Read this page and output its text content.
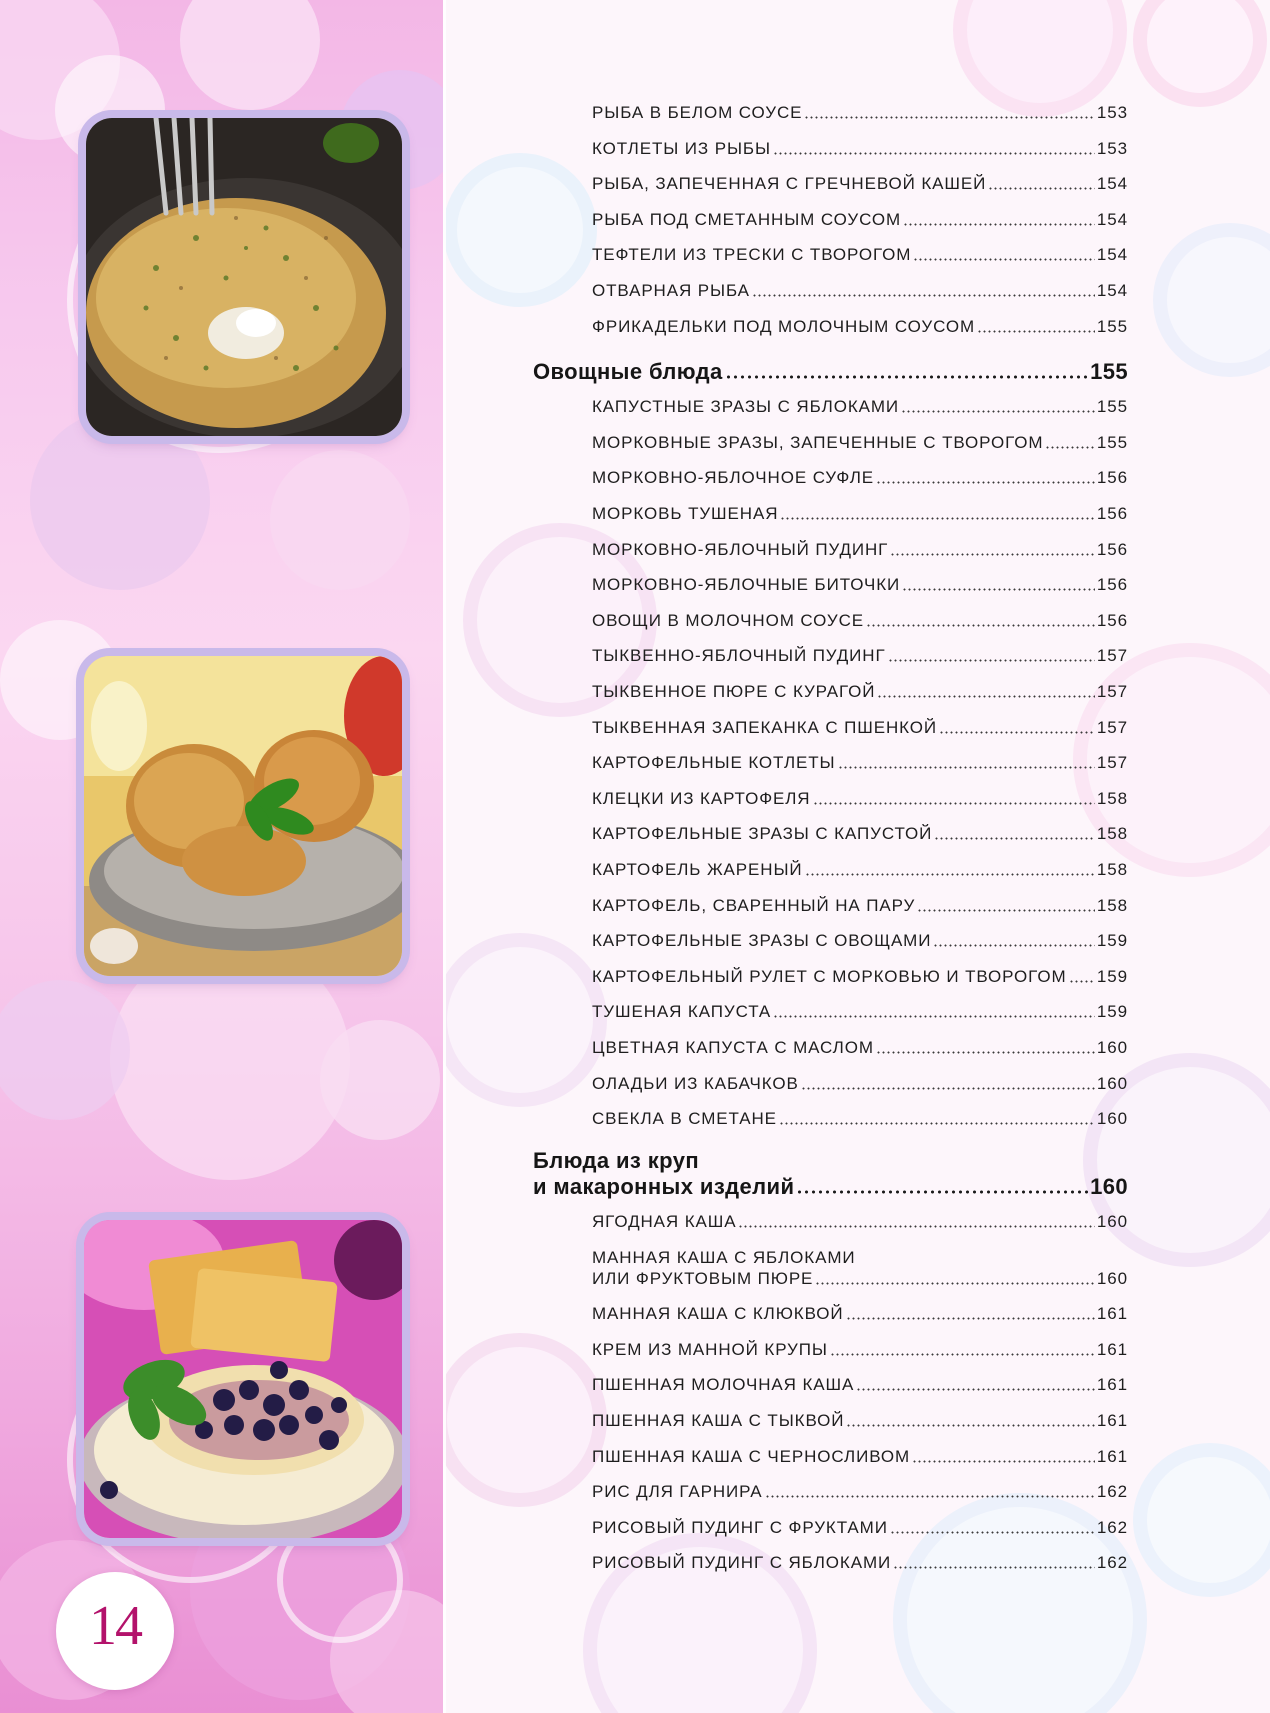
14
РЫБА В БЕЛОМ СОУСЕ	153
КОТЛЕТЫ ИЗ РЫБЫ	153
РЫБА, ЗАПЕЧЕННАЯ С ГРЕЧНЕВОЙ КАШЕЙ	154
РЫБА ПОД СМЕТАННЫМ СОУСОМ	154
ТЕФТЕЛИ ИЗ ТРЕСКИ С ТВОРОГОМ	154
ОТВАРНАЯ РЫБА	154
ФРИКАДЕЛЬКИ ПОД МОЛОЧНЫМ СОУСОМ	155
Овощные блюда	155
КАПУСТНЫЕ ЗРАЗЫ С ЯБЛОКАМИ	155
МОРКОВНЫЕ ЗРАЗЫ, ЗАПЕЧЕННЫЕ С ТВОРОГОМ	155
МОРКОВНО-ЯБЛОЧНОЕ СУФЛЕ	156
МОРКОВЬ ТУШЕНАЯ	156
МОРКОВНО-ЯБЛОЧНЫЙ ПУДИНГ	156
МОРКОВНО-ЯБЛОЧНЫЕ БИТОЧКИ	156
ОВОЩИ В МОЛОЧНОМ СОУСЕ	156
ТЫКВЕННО-ЯБЛОЧНЫЙ ПУДИНГ	157
ТЫКВЕННОЕ ПЮРЕ С КУРАГОЙ	157
ТЫКВЕННАЯ ЗАПЕКАНКА С ПШЕНКОЙ	157
КАРТОФЕЛЬНЫЕ КОТЛЕТЫ	157
КЛЕЦКИ ИЗ КАРТОФЕЛЯ	158
КАРТОФЕЛЬНЫЕ ЗРАЗЫ С КАПУСТОЙ	158
КАРТОФЕЛЬ ЖАРЕНЫЙ	158
КАРТОФЕЛЬ, СВАРЕННЫЙ НА ПАРУ	158
КАРТОФЕЛЬНЫЕ ЗРАЗЫ С ОВОЩАМИ	159
КАРТОФЕЛЬНЫЙ РУЛЕТ С МОРКОВЬЮ И ТВОРОГОМ 159
ТУШЕНАЯ КАПУСТА	159
ЦВЕТНАЯ КАПУСТА С МАСЛОМ	160
ОЛАДЬИ ИЗ КАБАЧКОВ	160
СВЕКЛА В СМЕТАНЕ	160
Блюда из круп
и макаронных изделий	160
ЯГОДНАЯ КАША	160
МАННАЯ КАША С ЯБЛОКАМИ
ИЛИ ФРУКТОВЫМ ПЮРЕ	160
МАННАЯ КАША С КЛЮКВОЙ	161
КРЕМ ИЗ МАННОЙ КРУПЫ	161
ПШЕННАЯ МОЛОЧНАЯ КАША	161
ПШЕННАЯ КАША С ТЫКВОЙ	161
ПШЕННАЯ КАША С ЧЕРНОСЛИВОМ	161
РИС ДЛЯ ГАРНИРА	162
РИСОВЫЙ ПУДИНГ С ФРУКТАМИ	162
РИСОВЫЙ ПУДИНГ С ЯБЛОКАМИ	162
